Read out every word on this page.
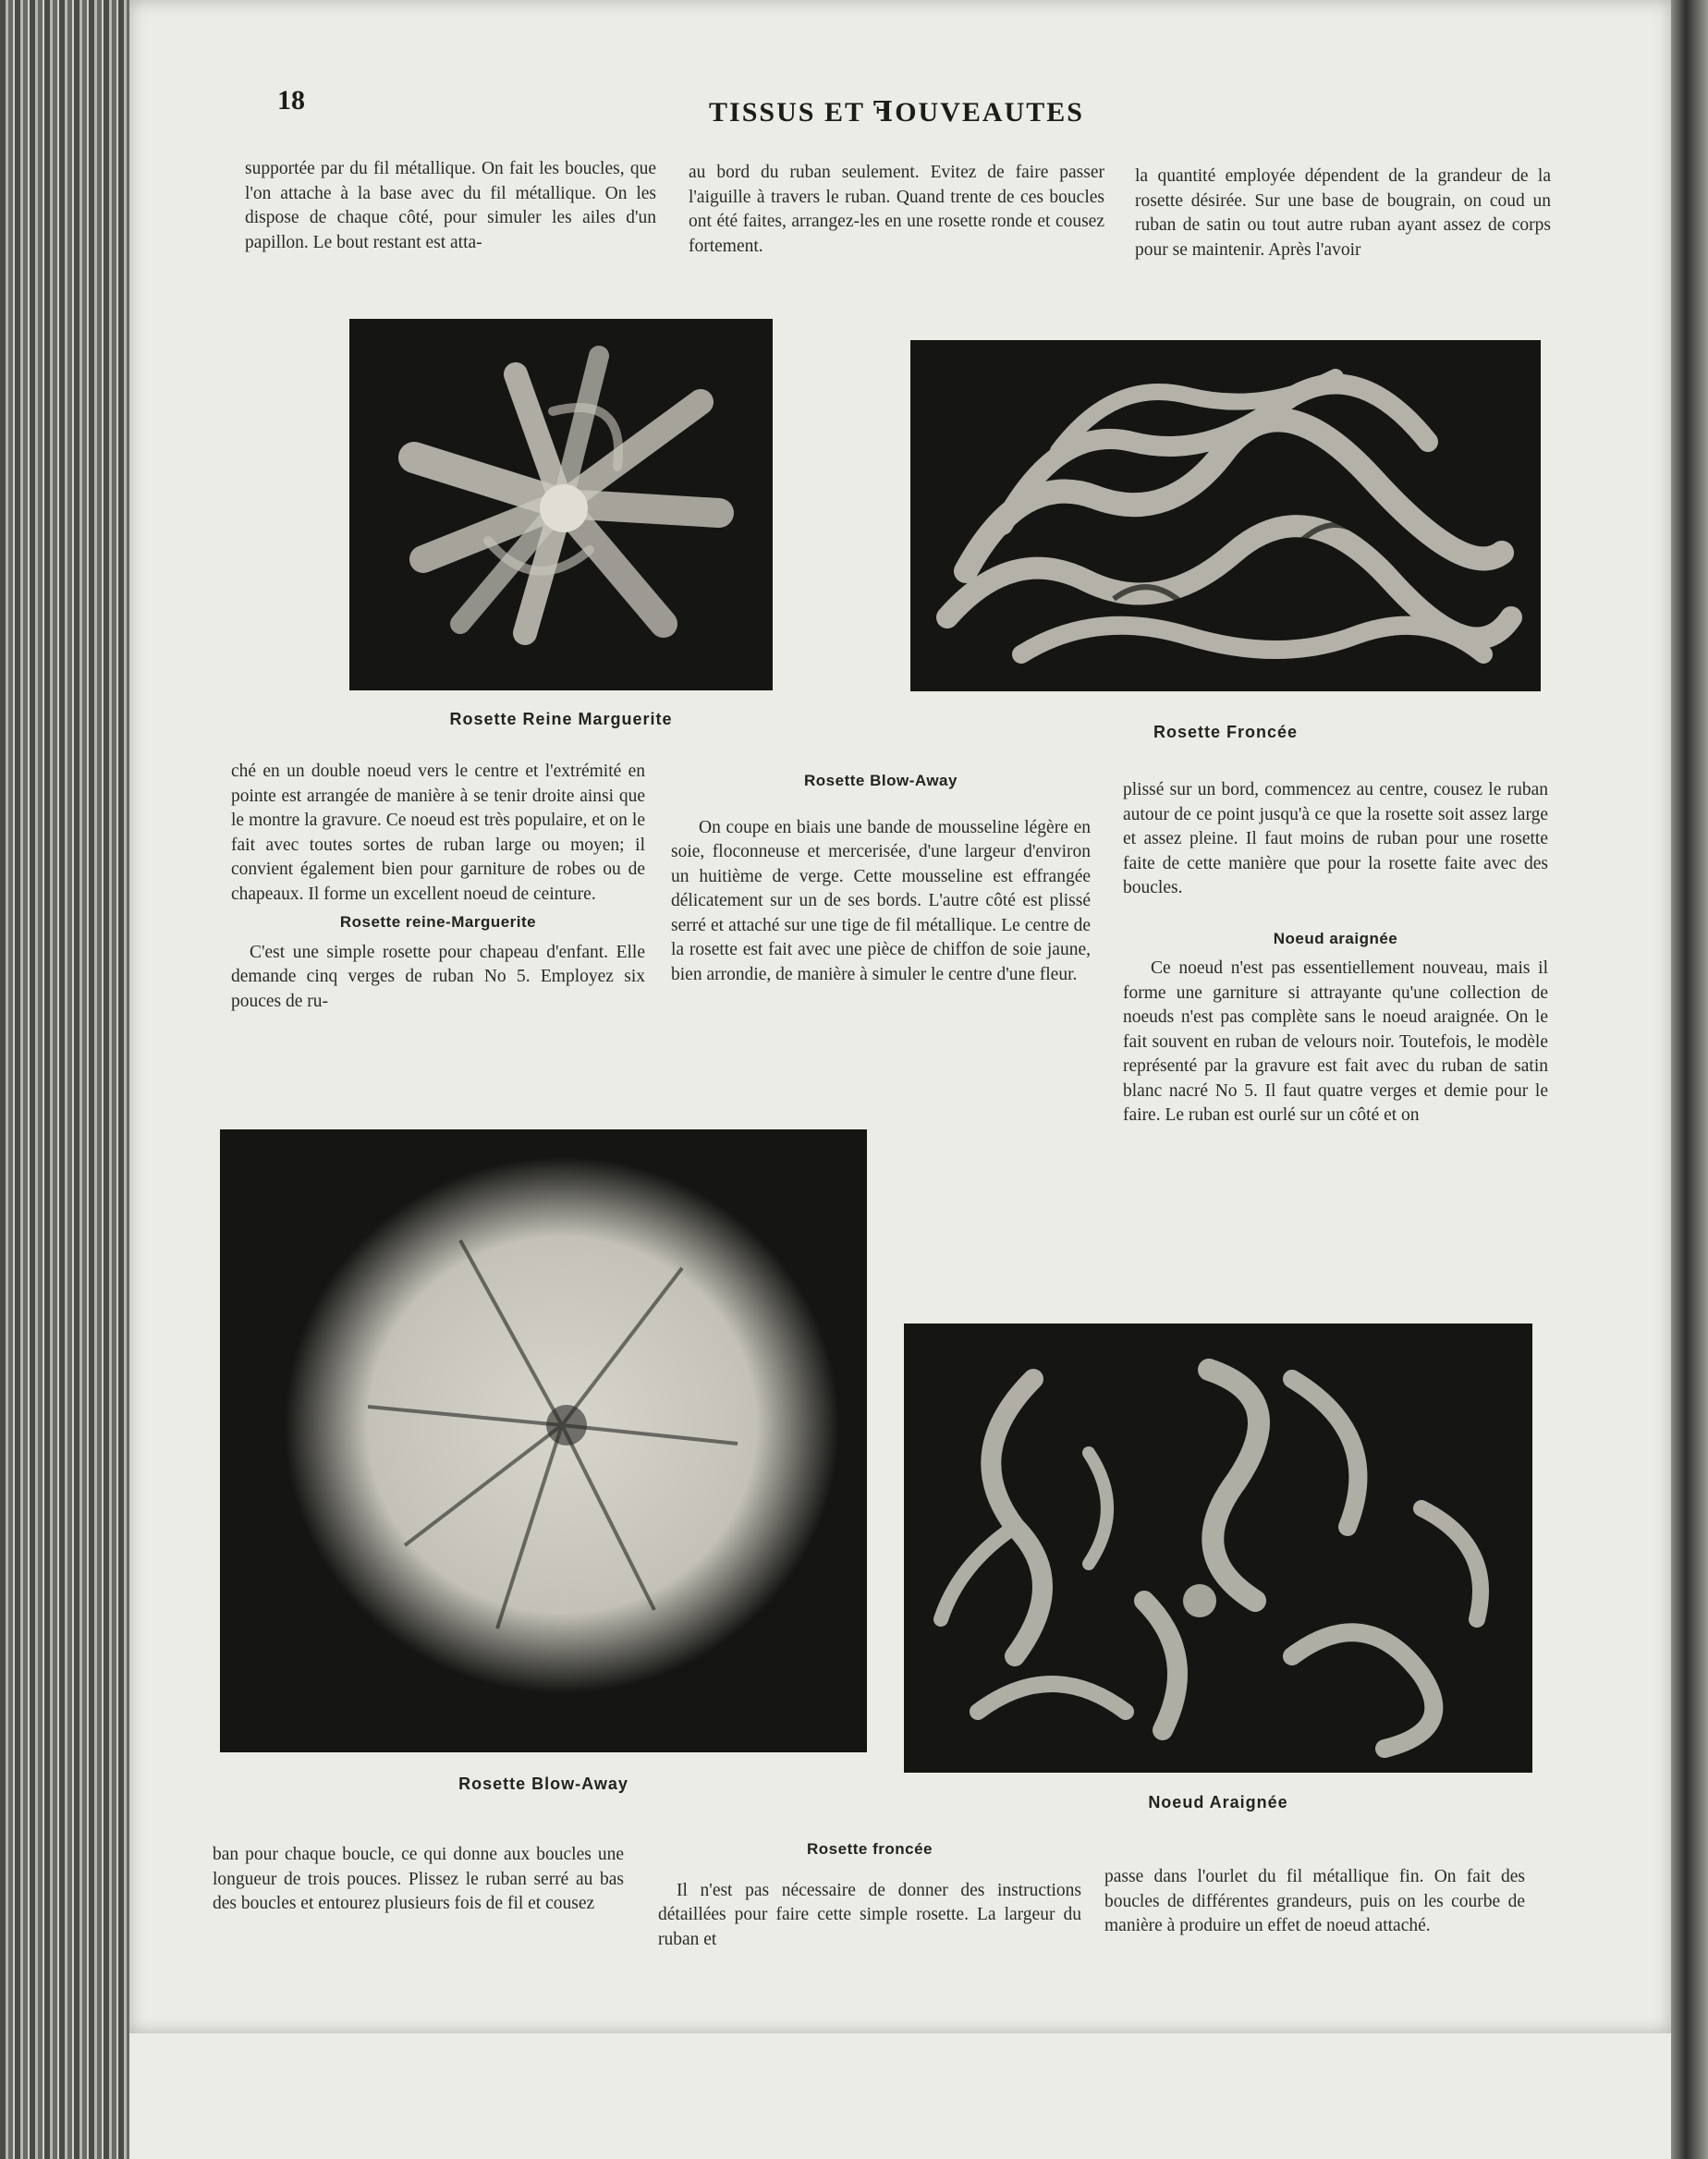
18	TISSUS ET ꟻOUVEAUTES

supportée par du fil métallique. On fait les boucles, que l'on attache à la base avec du fil métallique. On les dispose de chaque côté, pour simuler les ailes d'un papillon. Le bout restant est atta-

au bord du ruban seulement. Evitez de faire passer l'aiguille à travers le ruban. Quand trente de ces boucles ont été faites, arrangez-les en une rosette ronde et cousez fortement.

la quantité employée dépendent de la grandeur de la rosette désirée. Sur une base de bougrain, on coud un ruban de satin ou tout autre ruban ayant assez de corps pour se maintenir. Après l'avoir

Rosette Reine Marguerite
Rosette Froncée

ché en un double noeud vers le centre et l'extrémité en pointe est arrangée de manière à se tenir droite ainsi que le montre la gravure. Ce noeud est très populaire, et on le fait avec toutes sortes de ruban large ou moyen; il convient également bien pour garniture de robes ou de chapeaux. Il forme un excellent noeud de ceinture.

Rosette reine-Marguerite

C'est une simple rosette pour chapeau d'enfant. Elle demande cinq verges de ruban No 5. Employez six pouces de ru-

Rosette Blow-Away

On coupe en biais une bande de mousseline légère en soie, floconneuse et mercerisée, d'une largeur d'environ un huitième de verge. Cette mousseline est effrangée délicatement sur un de ses bords. L'autre côté est plissé serré et attaché sur une tige de fil métallique. Le centre de la rosette est fait avec une pièce de chiffon de soie jaune, bien arrondie, de manière à simuler le centre d'une fleur.

plissé sur un bord, commencez au centre, cousez le ruban autour de ce point jusqu'à ce que la rosette soit assez large et assez pleine. Il faut moins de ruban pour une rosette faite de cette manière que pour la rosette faite avec des boucles.

Noeud araignée

Ce noeud n'est pas essentiellement nouveau, mais il forme une garniture si attrayante qu'une collection de noeuds n'est pas complète sans le noeud araignée. On le fait souvent en ruban de velours noir. Toutefois, le modèle représenté par la gravure est fait avec du ruban de satin blanc nacré No 5. Il faut quatre verges et demie pour le faire. Le ruban est ourlé sur un côté et on

Rosette Blow-Away
Noeud Araignée

ban pour chaque boucle, ce qui donne aux boucles une longueur de trois pouces. Plissez le ruban serré au bas des boucles et entourez plusieurs fois de fil et cousez

Rosette froncée

Il n'est pas nécessaire de donner des instructions détaillées pour faire cette simple rosette. La largeur du ruban et

passe dans l'ourlet du fil métallique fin. On fait des boucles de différentes grandeurs, puis on les courbe de manière à produire un effet de noeud attaché.
